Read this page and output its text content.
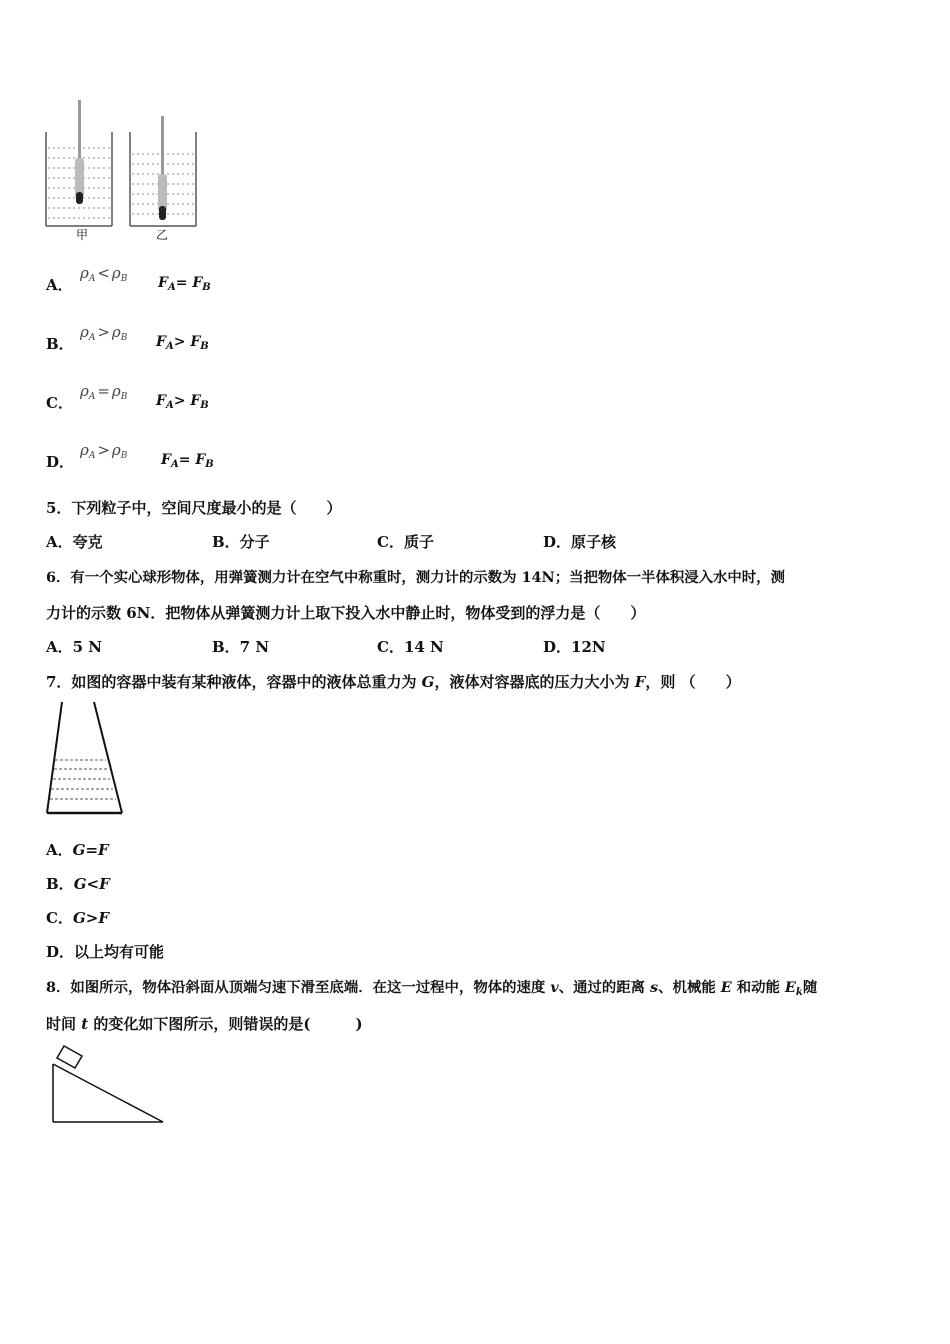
甲	乙
A．
$\rho_A < \rho_B$ $F_A= F_B$
B．
$\rho_A > \rho_B$ $F_A> F_B$
C．
$\rho_A = \rho_B$ $F_A> F_B$
D．
$\rho_A > \rho_B$ $F_A= F_B$
5．下列粒子中，空间尺度最小的是（　　）
A．夸克	B．分子	C．质子	D．原子核
6．有一个实心球形物体，用弹簧测力计在空气中称重时，测力计的示数为 14N；当把物体一半体积浸入水中时，测
力计的示数 6N．把物体从弹簧测力计上取下投入水中静止时，物体受到的浮力是（　　）
A．5 N	B．7 N	C．14 N	D．12N
7．如图的容器中装有某种液体，容器中的液体总重力为 G，液体对容器底的压力大小为 F，则 （　　）
A．G=F
B．G<F
C．G>F
D．以上均有可能
8．如图所示，物体沿斜面从顶端匀速下滑至底端．在这一过程中，物体的速度 v、通过的距离 s、机械能 E 和动能 $E_k$随
时间 t 的变化如下图所示，则错误的是(　　　)
